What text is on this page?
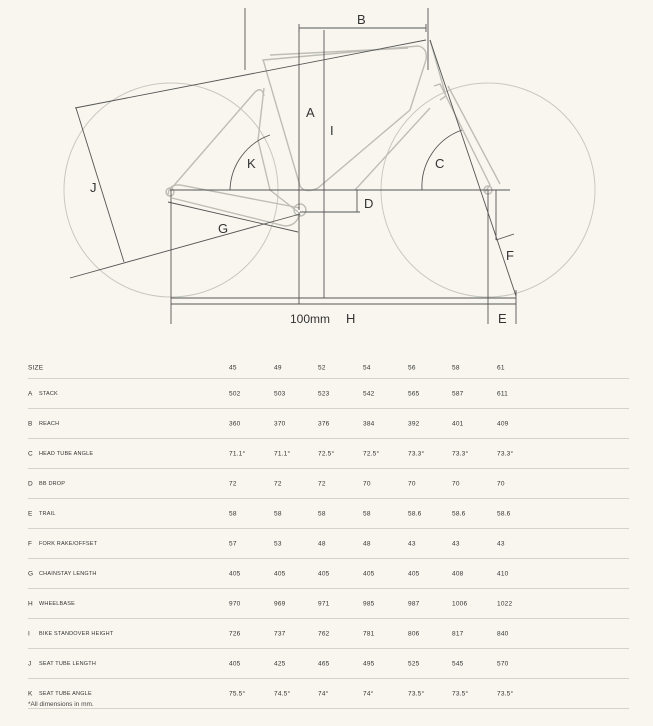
B
A
I
K	C
J
D
G
F
100mm H	E
SIZE	45	49	52	54	56	58	61
A STACK	502	503	523	542	565	587	611
B REACH	360	370	376	384	392	401	409
C HEAD TUBE ANGLE	71.1°	71.1°	72.5°	72.5°	73.3°	73.3°	73.3°
D BB DROP	72	72	72	70	70	70	70
E TRAIL	58	58	58	58	58.6	58.6	58.6
F FORK RAKE/OFFSET	57	53	48	48	43	43	43
G CHAINSTAY LENGTH	405	405	405	405	405	408	410
H WHEELBASE	970	969	971	985	987	1006	1022
I BIKE STANDOVER HEIGHT	726	737	762	781	806	817	840
J SEAT TUBE LENGTH	405	425	465	495	525	545	570
K SEAT TUBE ANGLE	75.5°	74.5°	74°	74°	73.5°	73.5°	73.5°
*All dimensions in mm.
